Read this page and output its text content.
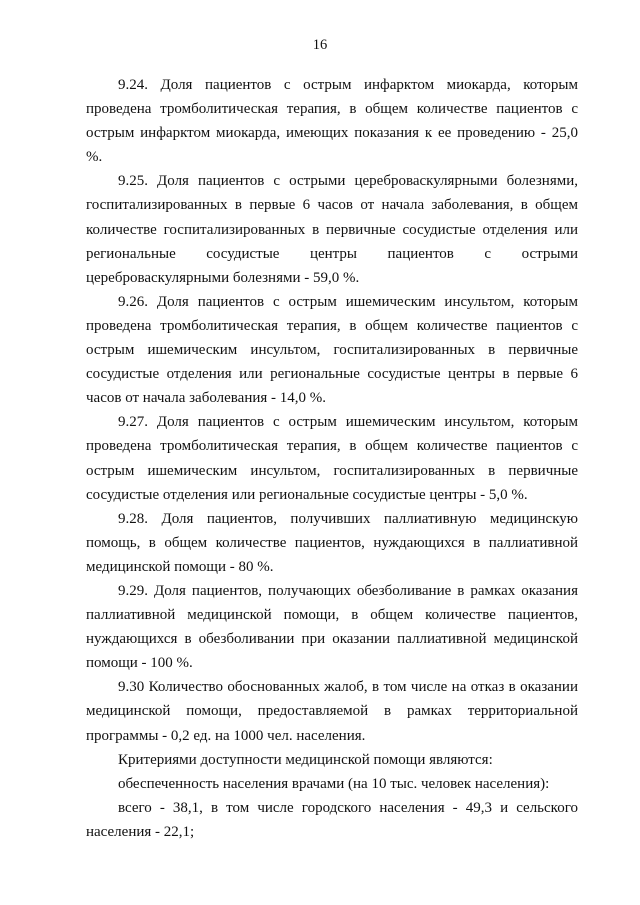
16

9.24. Доля пациентов с острым инфарктом миокарда, которым проведена тромболитическая терапия, в общем количестве пациентов с острым инфарктом миокарда, имеющих показания к ее проведению - 25,0 %.

9.25. Доля пациентов с острыми цереброваскулярными болезнями, госпитализированных в первые 6 часов от начала заболевания, в общем количестве госпитализированных в первичные сосудистые отделения или региональные сосудистые центры пациентов с острыми цереброваскулярными болезнями - 59,0 %.

9.26. Доля пациентов с острым ишемическим инсультом, которым проведена тромболитическая терапия, в общем количестве пациентов с острым ишемическим инсультом, госпитализированных в первичные сосудистые отделения или региональные сосудистые центры в первые 6 часов от начала заболевания - 14,0 %.

9.27. Доля пациентов с острым ишемическим инсультом, которым проведена тромболитическая терапия, в общем количестве пациентов с острым ишемическим инсультом, госпитализированных в первичные сосудистые отделения или региональные сосудистые центры - 5,0 %.

9.28. Доля пациентов, получивших паллиативную медицинскую помощь, в общем количестве пациентов, нуждающихся в паллиативной медицинской помощи - 80 %.

9.29. Доля пациентов, получающих обезболивание в рамках оказания паллиативной медицинской помощи, в общем количестве пациентов, нуждающихся в обезболивании при оказании паллиативной медицинской помощи - 100 %.

9.30 Количество обоснованных жалоб, в том числе на отказ в оказании медицинской помощи, предоставляемой в рамках территориальной программы - 0,2 ед. на 1000 чел. населения.

Критериями доступности медицинской помощи являются:

обеспеченность населения врачами (на 10 тыс. человек населения):

всего - 38,1, в том числе городского населения - 49,3 и сельского населения - 22,1;
